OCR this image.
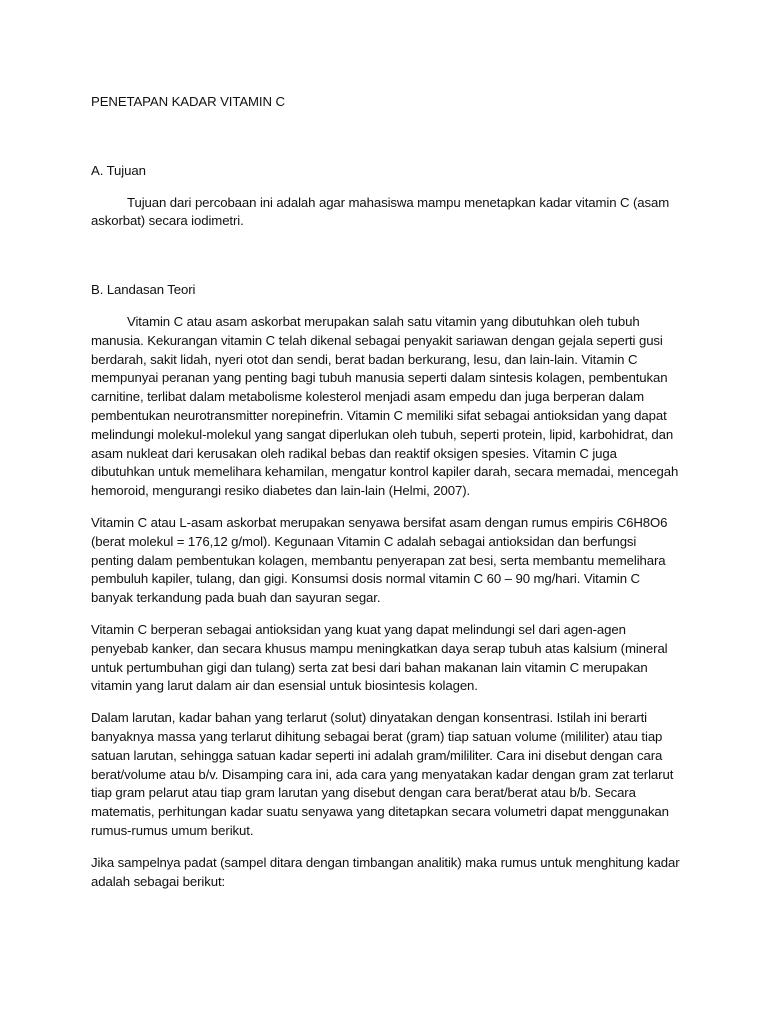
PENETAPAN KADAR VITAMIN C
A. Tujuan

Tujuan dari percobaan ini adalah agar mahasiswa mampu menetapkan kadar vitamin C (asam askorbat) secara iodimetri.

B. Landasan Teori

Vitamin C atau asam askorbat merupakan salah satu vitamin yang dibutuhkan oleh tubuh manusia. Kekurangan vitamin C telah dikenal sebagai penyakit sariawan dengan gejala seperti gusi berdarah, sakit lidah, nyeri otot dan sendi, berat badan berkurang, lesu, dan lain-lain. Vitamin C mempunyai peranan yang penting bagi tubuh manusia seperti dalam sintesis kolagen, pembentukan carnitine, terlibat dalam metabolisme kolesterol menjadi asam empedu dan juga berperan dalam pembentukan neurotransmitter norepinefrin. Vitamin C memiliki sifat sebagai antioksidan yang dapat melindungi molekul-molekul yang sangat diperlukan oleh tubuh, seperti protein, lipid, karbohidrat, dan asam nukleat dari kerusakan oleh radikal bebas dan reaktif oksigen spesies. Vitamin C juga dibutuhkan untuk memelihara kehamilan, mengatur kontrol kapiler darah, secara memadai, mencegah hemoroid, mengurangi resiko diabetes dan lain-lain (Helmi, 2007).

Vitamin C atau L-asam askorbat merupakan senyawa bersifat asam dengan rumus empiris C6H8O6 (berat molekul = 176,12 g/mol). Kegunaan Vitamin C adalah sebagai antioksidan dan berfungsi penting dalam pembentukan kolagen, membantu penyerapan zat besi, serta membantu memelihara pembuluh kapiler, tulang, dan gigi. Konsumsi dosis normal vitamin C 60 – 90 mg/hari. Vitamin C banyak terkandung pada buah dan sayuran segar.

Vitamin C berperan sebagai antioksidan yang kuat yang dapat melindungi sel dari agen-agen penyebab kanker, dan secara khusus mampu meningkatkan daya serap tubuh atas kalsium (mineral untuk pertumbuhan gigi dan tulang) serta zat besi dari bahan makanan lain vitamin C merupakan vitamin yang larut dalam air dan esensial untuk biosintesis kolagen.

Dalam larutan, kadar bahan yang terlarut (solut) dinyatakan dengan konsentrasi. Istilah ini berarti banyaknya massa yang terlarut dihitung sebagai berat (gram) tiap satuan volume (mililiter) atau tiap satuan larutan, sehingga satuan kadar seperti ini adalah gram/mililiter. Cara ini disebut dengan cara berat/volume atau b/v. Disamping cara ini, ada cara yang menyatakan kadar dengan gram zat terlarut tiap gram pelarut atau tiap gram larutan yang disebut dengan cara berat/berat atau b/b. Secara matematis, perhitungan kadar suatu senyawa yang ditetapkan secara volumetri dapat menggunakan rumus-rumus umum berikut.

Jika sampelnya padat (sampel ditara dengan timbangan analitik) maka rumus untuk menghitung kadar adalah sebagai berikut:
